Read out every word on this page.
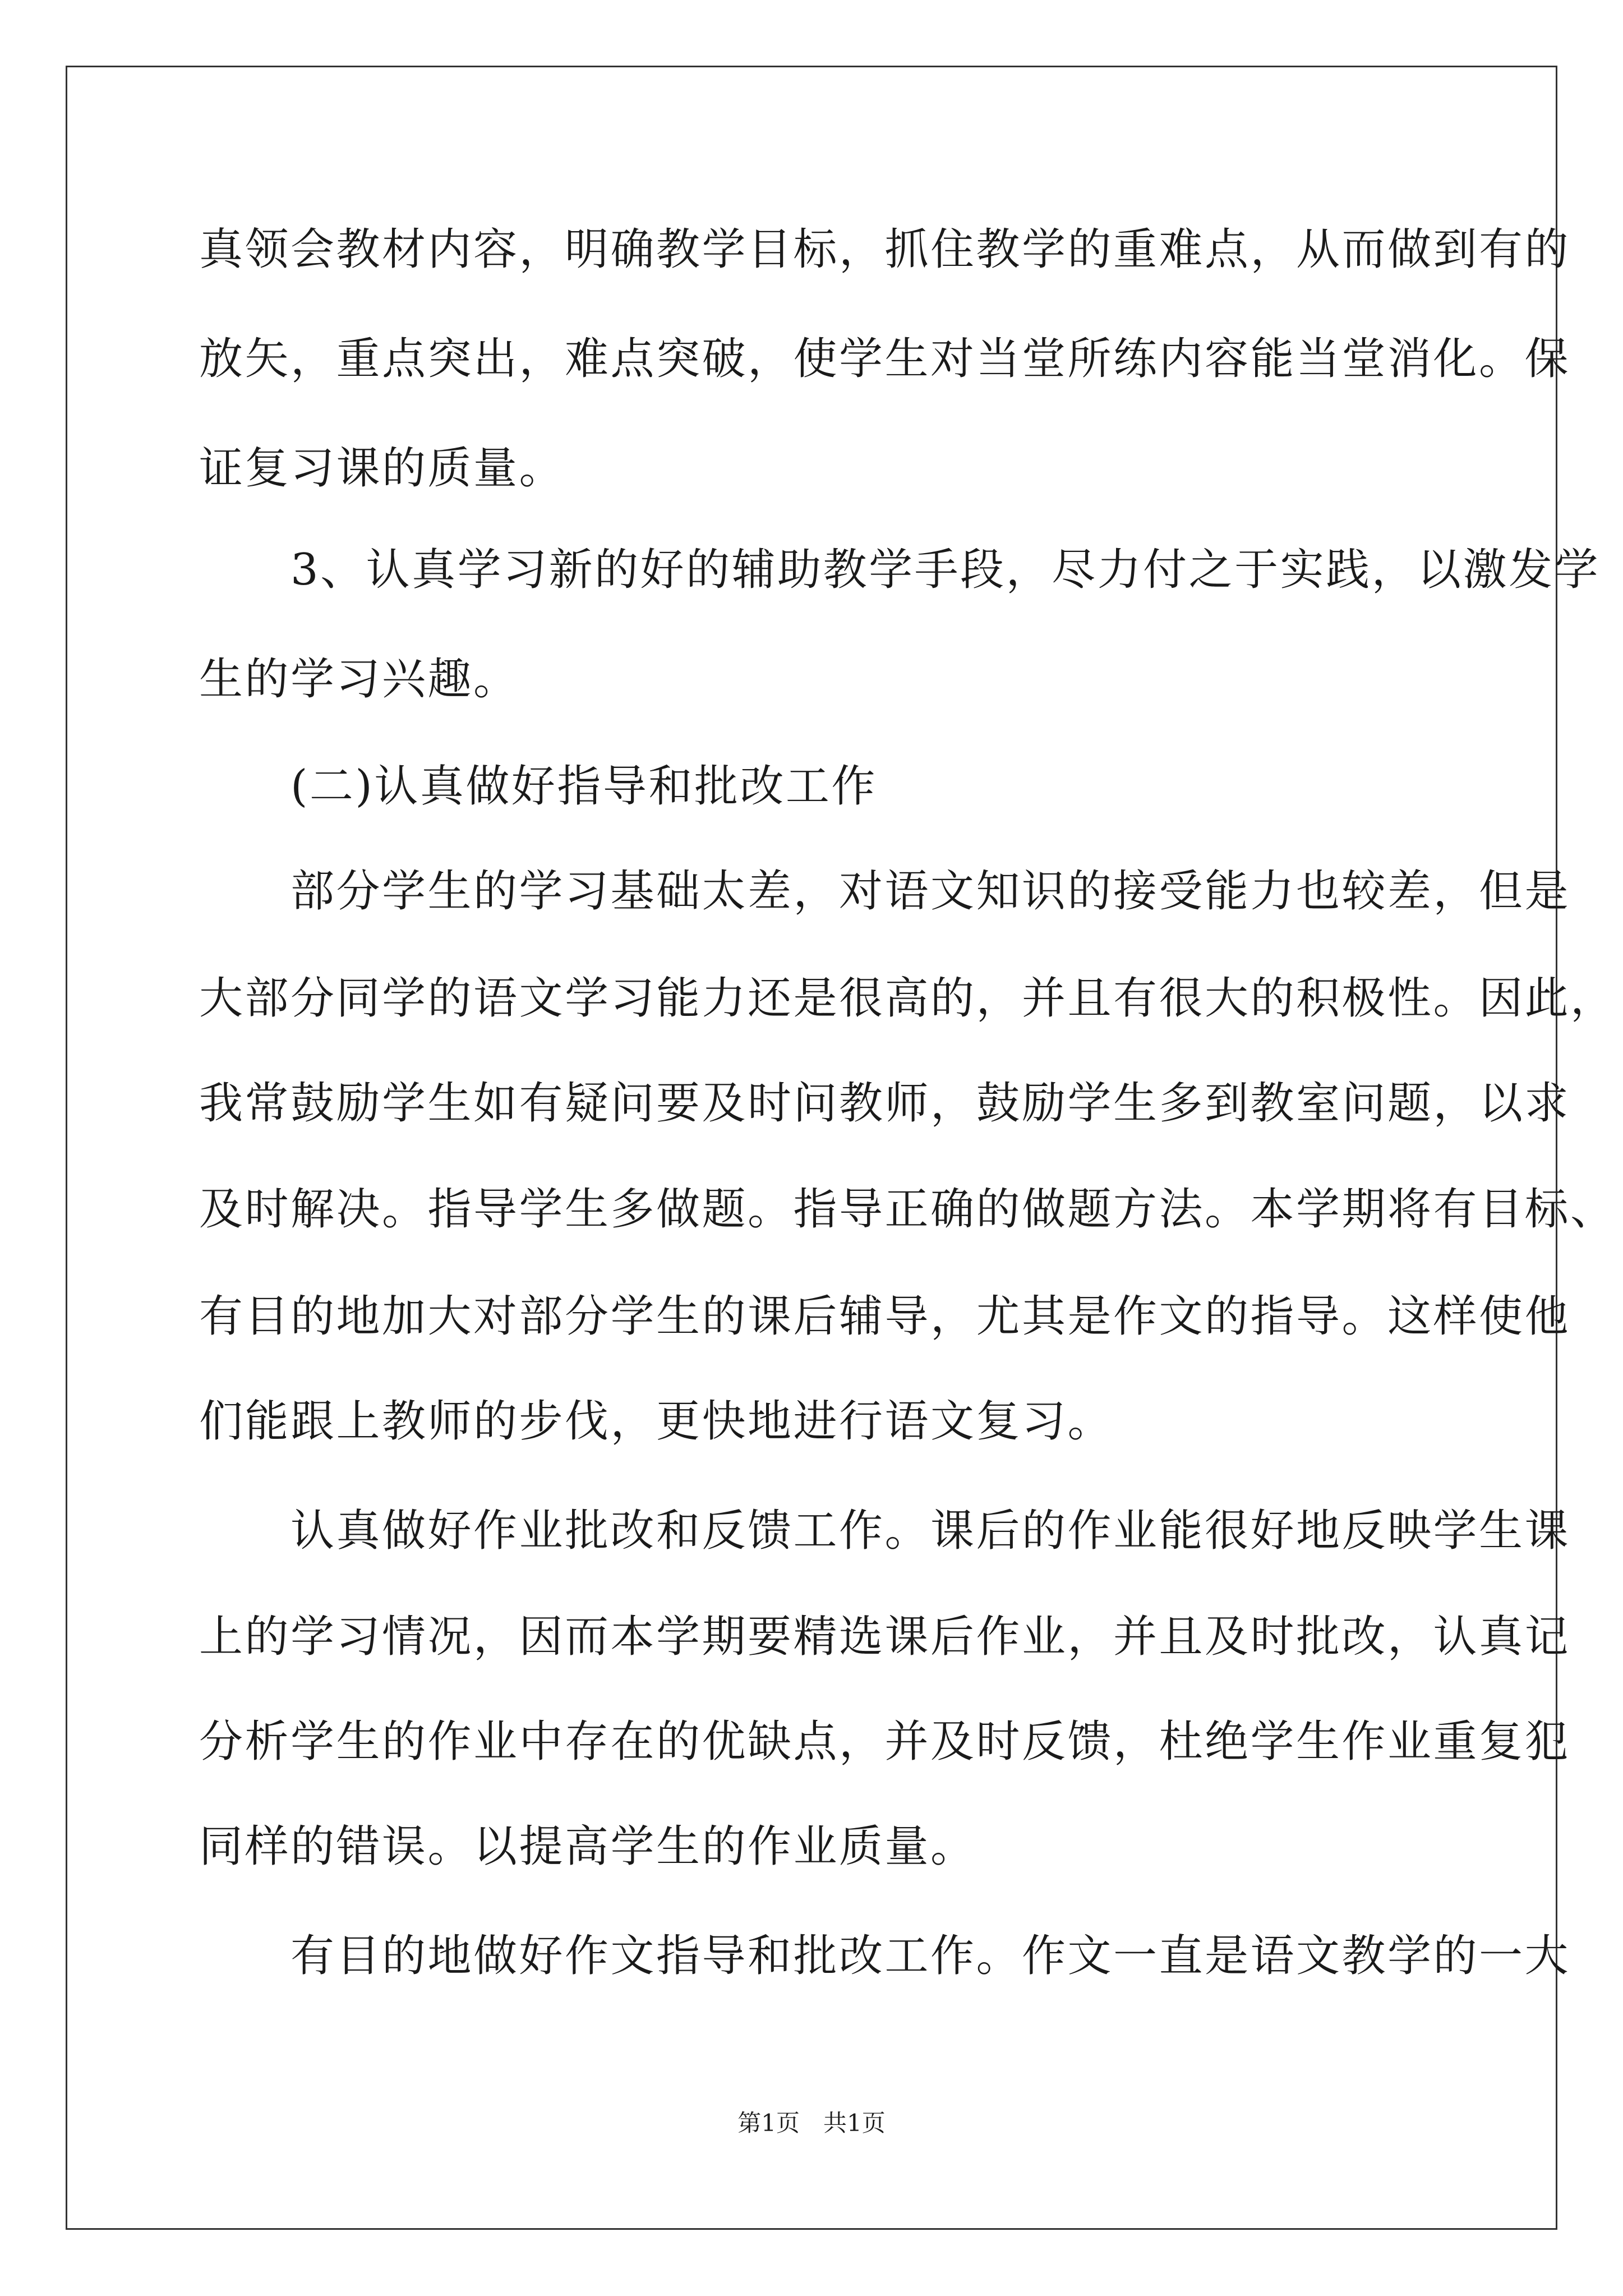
真领会教材内容，明确教学目标，抓住教学的重难点，从而做到有的
放矢，重点突出，难点突破，使学生对当堂所练内容能当堂消化。保
证复习课的质量。
　　3、认真学习新的好的辅助教学手段，尽力付之于实践，以激发学
生的学习兴趣。
　　(二)认真做好指导和批改工作
　　部分学生的学习基础太差，对语文知识的接受能力也较差，但是
大部分同学的语文学习能力还是很高的，并且有很大的积极性。因此，
我常鼓励学生如有疑问要及时问教师，鼓励学生多到教室问题，以求
及时解决。指导学生多做题。指导正确的做题方法。本学期将有目标、
有目的地加大对部分学生的课后辅导，尤其是作文的指导。这样使他
们能跟上教师的步伐，更快地进行语文复习。
　　认真做好作业批改和反馈工作。课后的作业能很好地反映学生课
上的学习情况，因而本学期要精选课后作业，并且及时批改，认真记
分析学生的作业中存在的优缺点，并及时反馈，杜绝学生作业重复犯
同样的错误。以提高学生的作业质量。
　　有目的地做好作文指导和批改工作。作文一直是语文教学的一大
第1页　共1页
